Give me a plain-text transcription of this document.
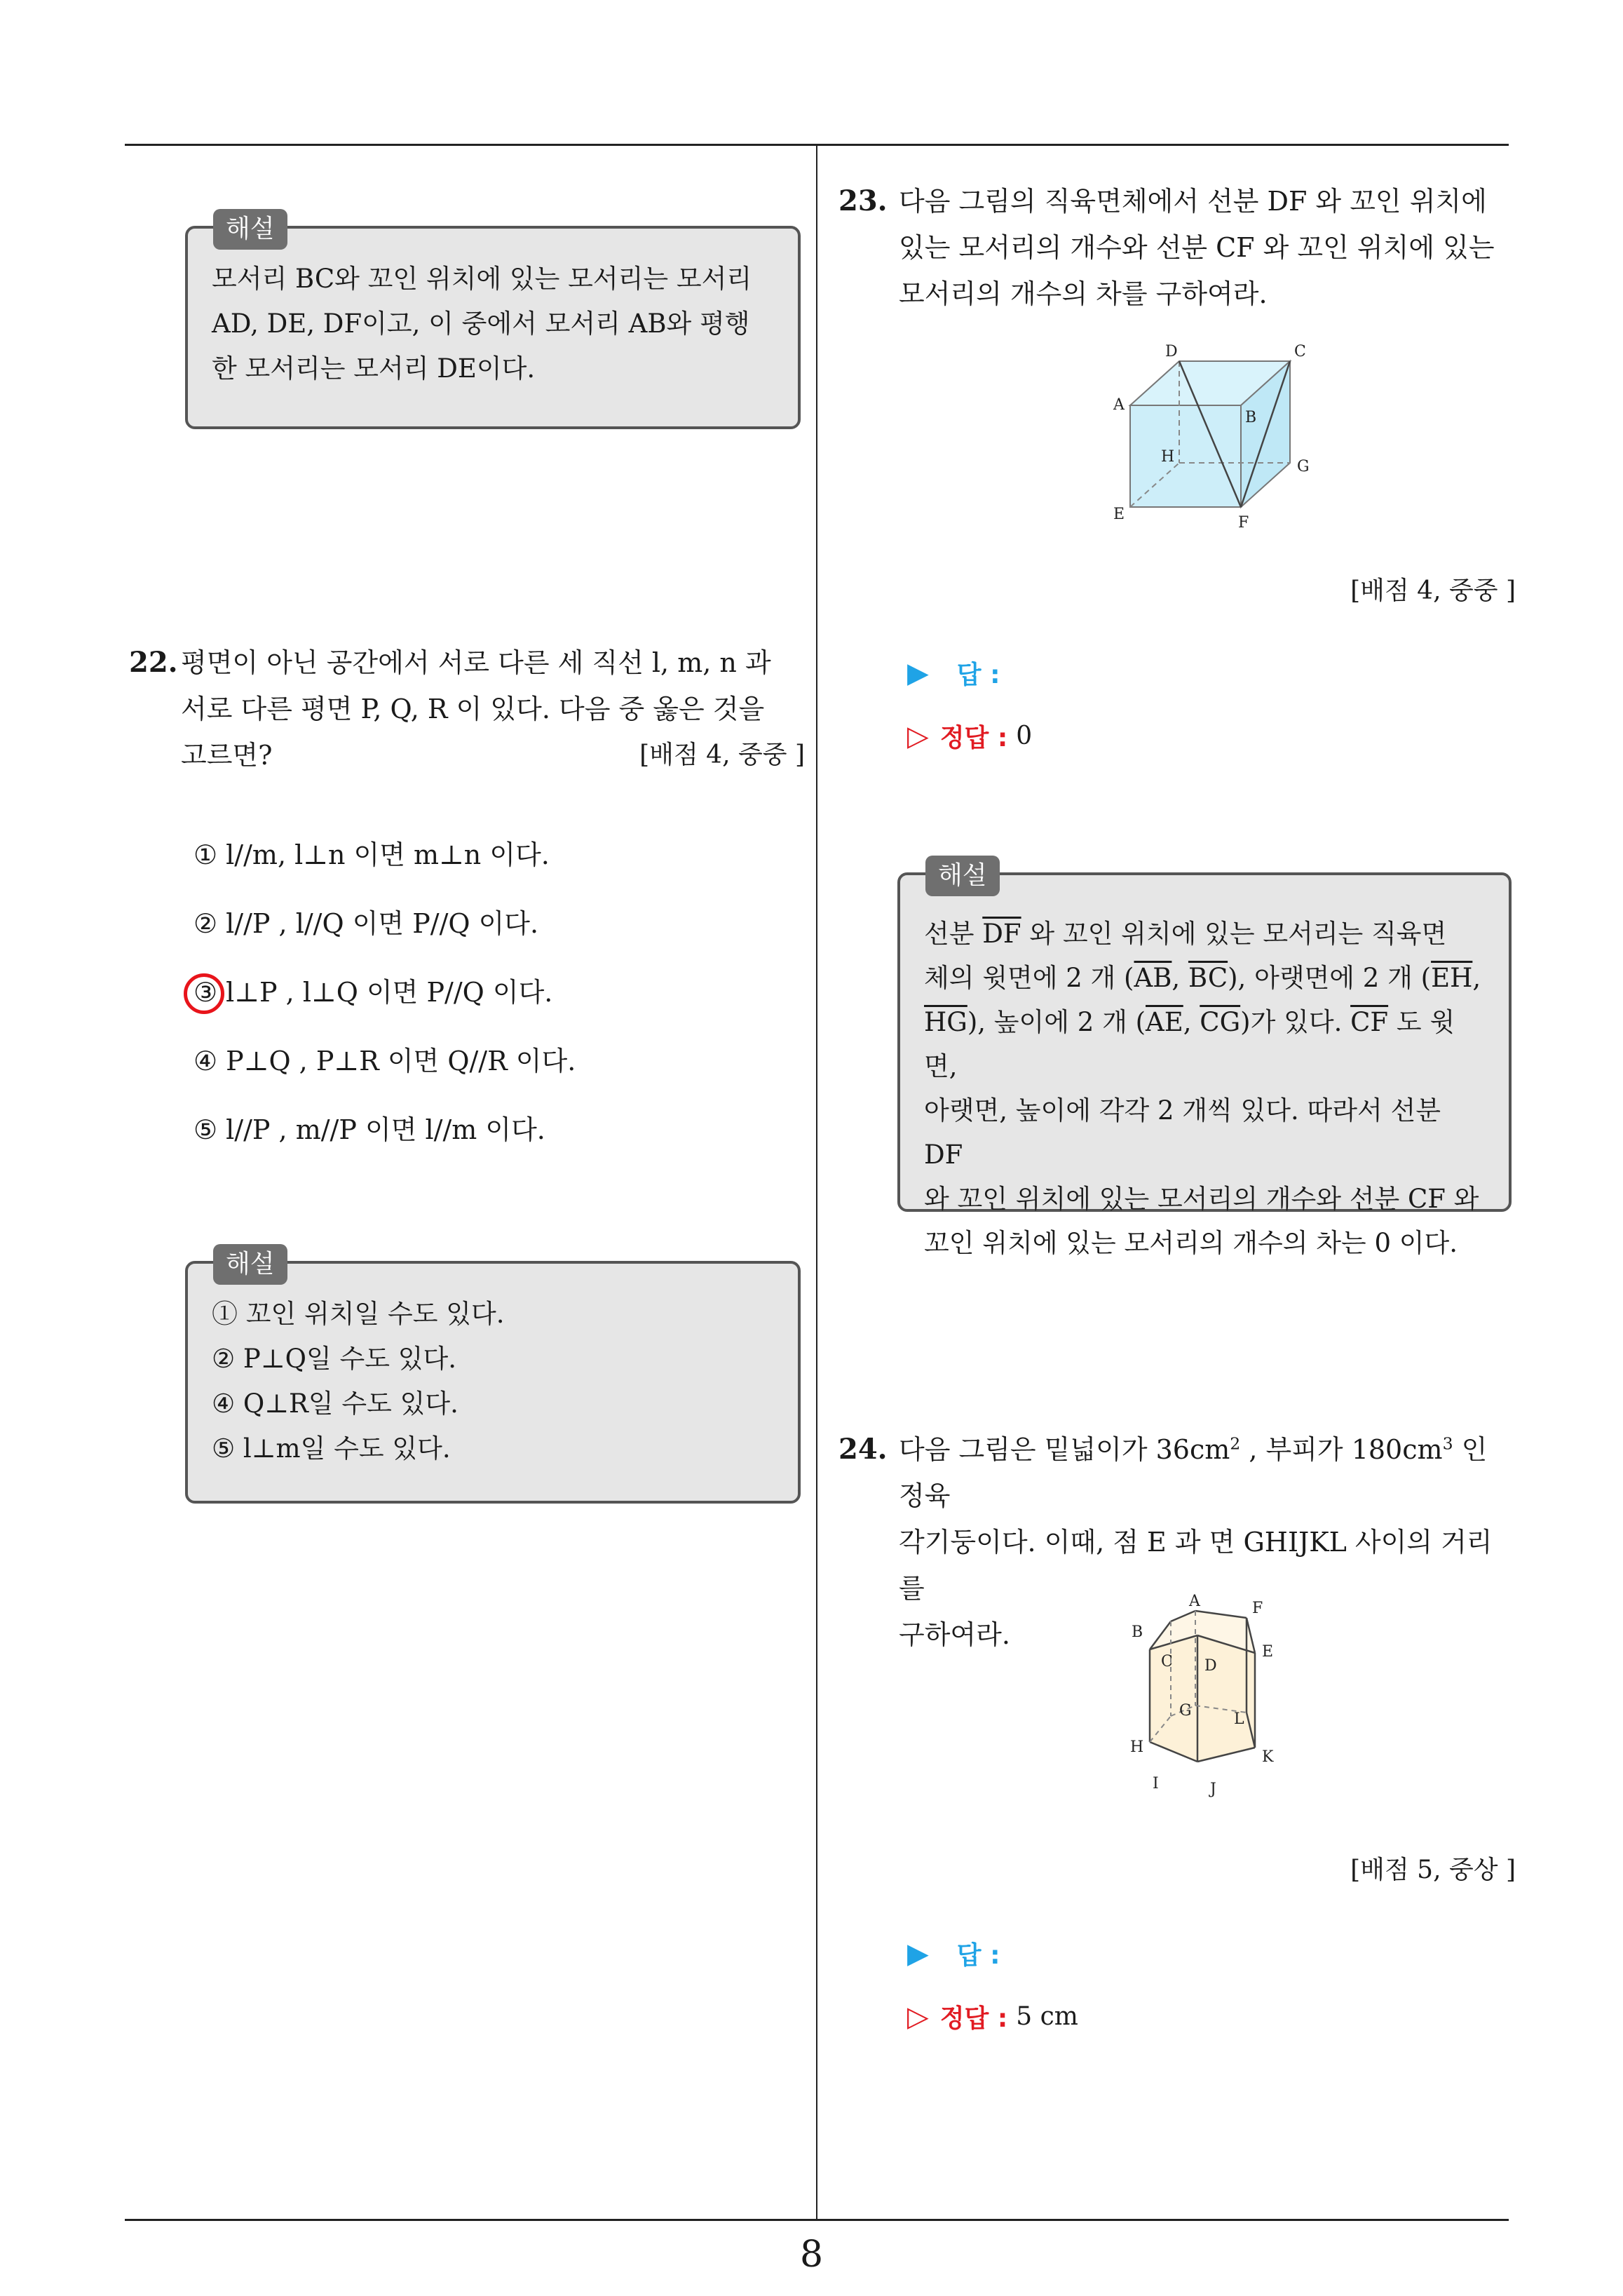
해설
모서리 BC와 꼬인 위치에 있는 모서리는 모서리
AD, DE, DF이고, 이 중에서 모서리 AB와 평행
한 모서리는 모서리 DE이다.
22. 평면이 아닌 공간에서 서로 다른 세 직선 l, m, n 과
서로 다른 평면 P, Q, R 이 있다. 다음 중 옳은 것을
고르면?	[배점 4, 중중 ]
① l//m, l⊥n 이면 m⊥n 이다.
② l//P , l//Q 이면 P//Q 이다.
③ l⊥P , l⊥Q 이면 P//Q 이다.
④ P⊥Q , P⊥R 이면 Q//R 이다.
⑤ l//P , m//P 이면 l//m 이다.
해설
① 꼬인 위치일 수도 있다.
② P⊥Q일 수도 있다.
④ Q⊥R일 수도 있다.
⑤ l⊥m일 수도 있다.
23. 다음 그림의 직육면체에서 선분 DF 와 꼬인 위치에
있는 모서리의 개수와 선분 CF 와 꼬인 위치에 있는
모서리의 개수의 차를 구하여라.
D	C
A
B
H
G
E	F
[배점 4, 중중 ]
▶ 답 :
▷ 정답 : 0
해설
선분 $\overline{DF}$ 와 꼬인 위치에 있는 모서리는 직육면
체의 윗면에 2 개 ($\overline{AB}$, $\overline{BC}$), 아랫면에 2 개 ($\overline{EH}$,
$\overline{HG}$), 높이에 2 개 ($\overline{AE}$, $\overline{CG}$)가 있다. $\overline{CF}$ 도 윗면,
아랫면, 높이에 각각 2 개씩 있다. 따라서 선분 DF
와 꼬인 위치에 있는 모서리의 개수와 선분 CF 와
꼬인 위치에 있는 모서리의 개수의 차는 0 이다.
24. 다음 그림은 밑넓이가 $36cm^2$ , 부피가 $180cm^3$ 인 정육
각기둥이다. 이때, 점 E 과 면 GHIJKL 사이의 거리를
구하여라.
A	F
B
E
C D
G	L
H
K
I	J
[배점 5, 중상 ]
▶ 답 :
▷ 정답 : 5 cm
8
